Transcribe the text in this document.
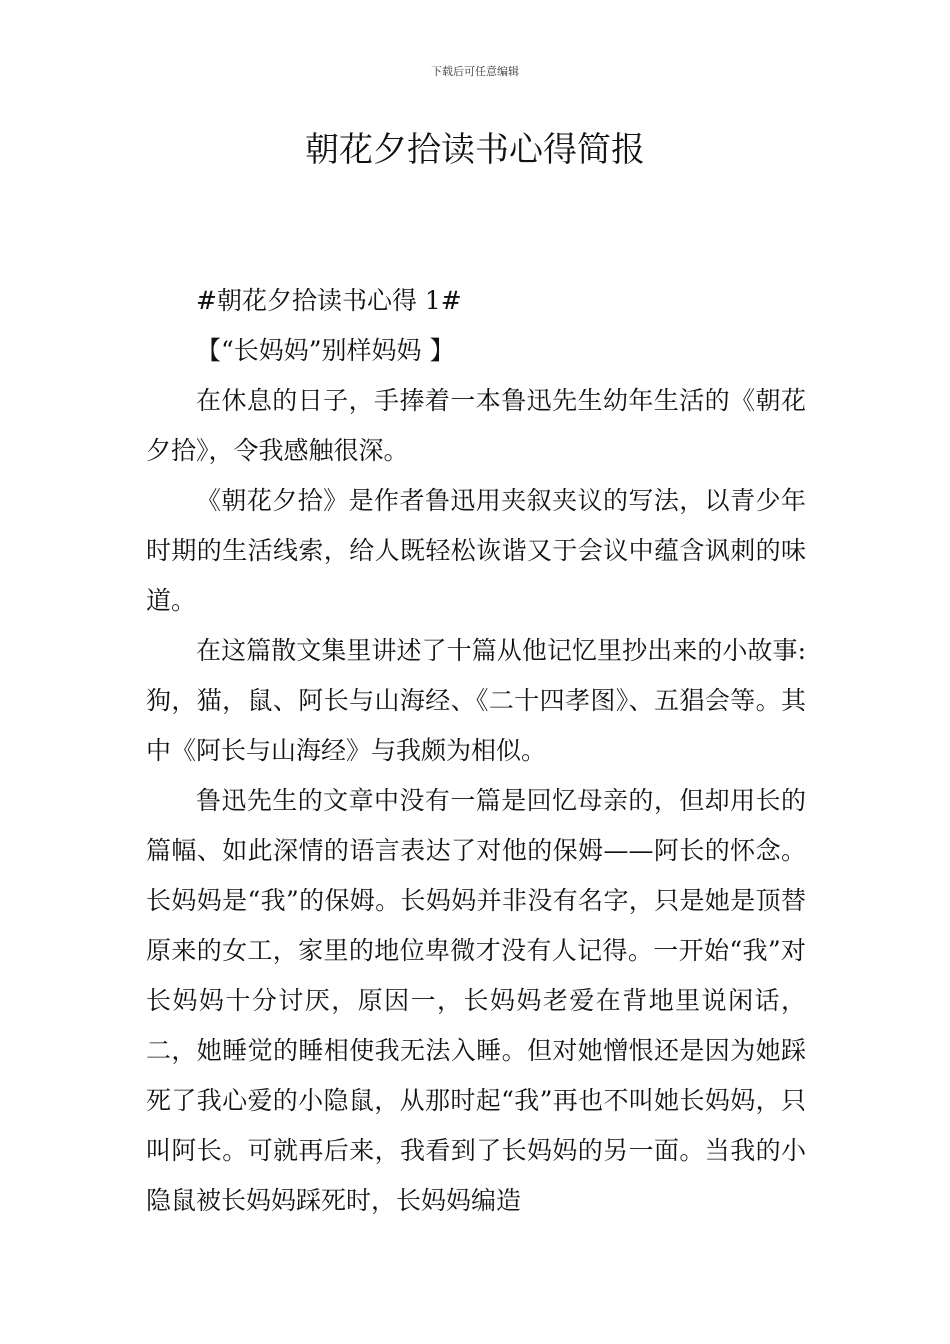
下载后可任意编辑
朝花夕拾读书心得简报

#朝花夕拾读书心得 1#

【“长妈妈”别样妈妈 】

在休息的日子，手捧着一本鲁迅先生幼年生活的《朝花夕拾》，令我感触很深。

《朝花夕拾》是作者鲁迅用夹叙夹议的写法，以青少年时期的生活线索，给人既轻松诙谐又于会议中蕴含讽刺的味道。

在这篇散文集里讲述了十篇从他记忆里抄出来的小故事:狗，猫，鼠、阿长与山海经、《二十四孝图》、五猖会等。其中《阿长与山海经》与我颇为相似。

鲁迅先生的文章中没有一篇是回忆母亲的，但却用长的篇幅、如此深情的语言表达了对他的保姆——阿长的怀念。长妈妈是“我”的保姆。长妈妈并非没有名字，只是她是顶替原来的女工，家里的地位卑微才没有人记得。一开始“我”对长妈妈十分讨厌，原因一，长妈妈老爱在背地里说闲话，二，她睡觉的睡相使我无法入睡。但对她憎恨还是因为她踩死了我心爱的小隐鼠，从那时起“我”再也不叫她长妈妈，只叫阿长。可就再后来，我看到了长妈妈的另一面。当我的小隐鼠被长妈妈踩死时，长妈妈编造
